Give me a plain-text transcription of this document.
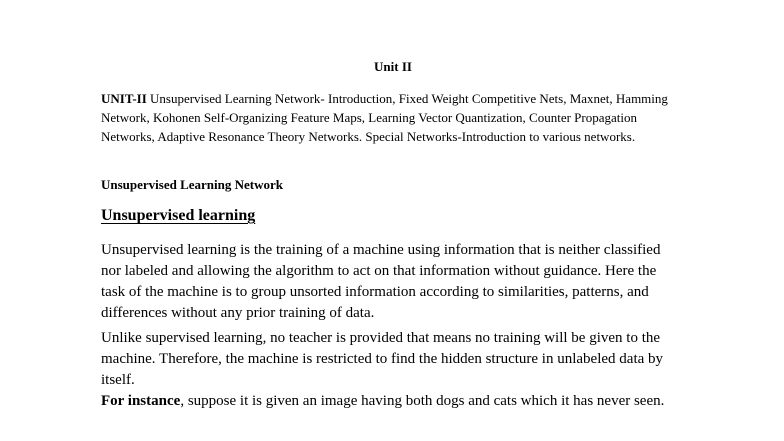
Unit II

UNIT-II Unsupervised Learning Network- Introduction, Fixed Weight Competitive Nets, Maxnet, Hamming Network, Kohonen Self-Organizing Feature Maps, Learning Vector Quantization, Counter Propagation Networks, Adaptive Resonance Theory Networks. Special Networks-Introduction to various networks.

Unsupervised Learning Network
Unsupervised learning

Unsupervised learning is the training of a machine using information that is neither classified nor labeled and allowing the algorithm to act on that information without guidance. Here the task of the machine is to group unsorted information according to similarities, patterns, and differences without any prior training of data.

Unlike supervised learning, no teacher is provided that means no training will be given to the machine. Therefore, the machine is restricted to find the hidden structure in unlabeled data by itself.

For instance, suppose it is given an image having both dogs and cats which it has never seen.
